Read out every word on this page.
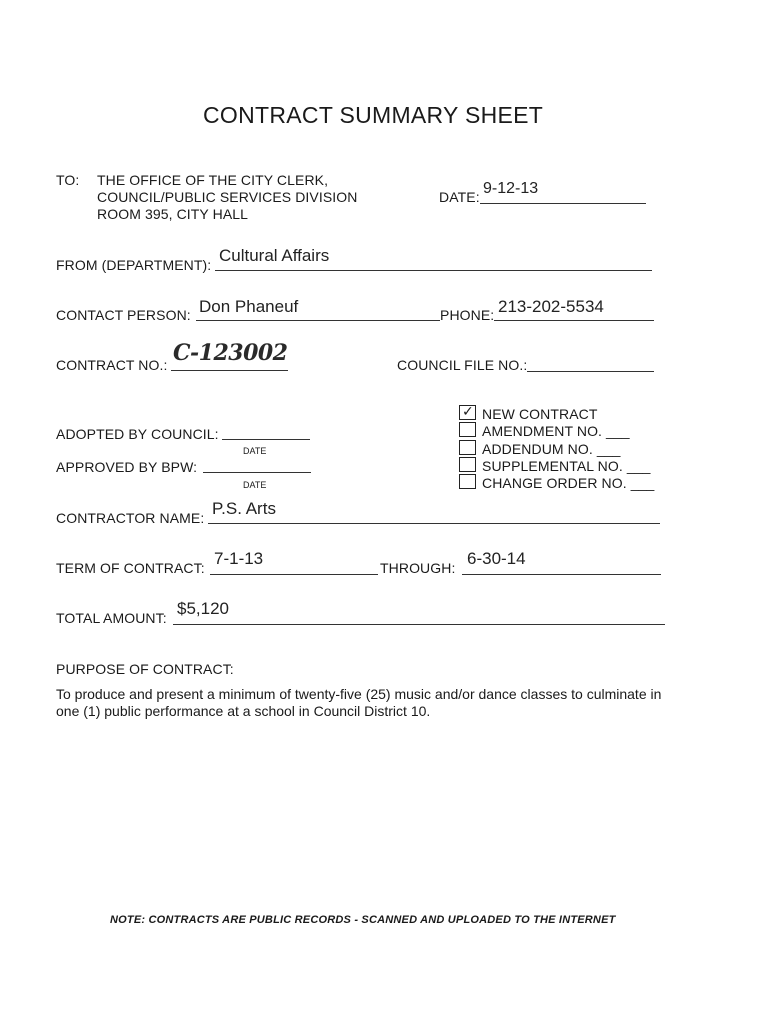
CONTRACT SUMMARY SHEET
TO: THE OFFICE OF THE CITY CLERK,
COUNCIL/PUBLIC SERVICES DIVISION
ROOM 395, CITY HALL
DATE: 9-12-13
FROM (DEPARTMENT): Cultural Affairs
CONTACT PERSON: Don Phaneuf	PHONE: 213-202-5534
CONTRACT NO.: C-123002	COUNCIL FILE NO.:
ADOPTED BY COUNCIL:
DATE
APPROVED BY BPW:
DATE
✓ NEW CONTRACT
AMENDMENT NO. ___
ADDENDUM NO. ___
SUPPLEMENTAL NO. ___
CHANGE ORDER NO. ___
CONTRACTOR NAME: P.S. Arts
TERM OF CONTRACT: 7-1-13	THROUGH: 6-30-14
TOTAL AMOUNT: $5,120
PURPOSE OF CONTRACT:
To produce and present a minimum of twenty-five (25) music and/or dance classes to culminate in one (1) public performance at a school in Council District 10.
NOTE: CONTRACTS ARE PUBLIC RECORDS - SCANNED AND UPLOADED TO THE INTERNET
